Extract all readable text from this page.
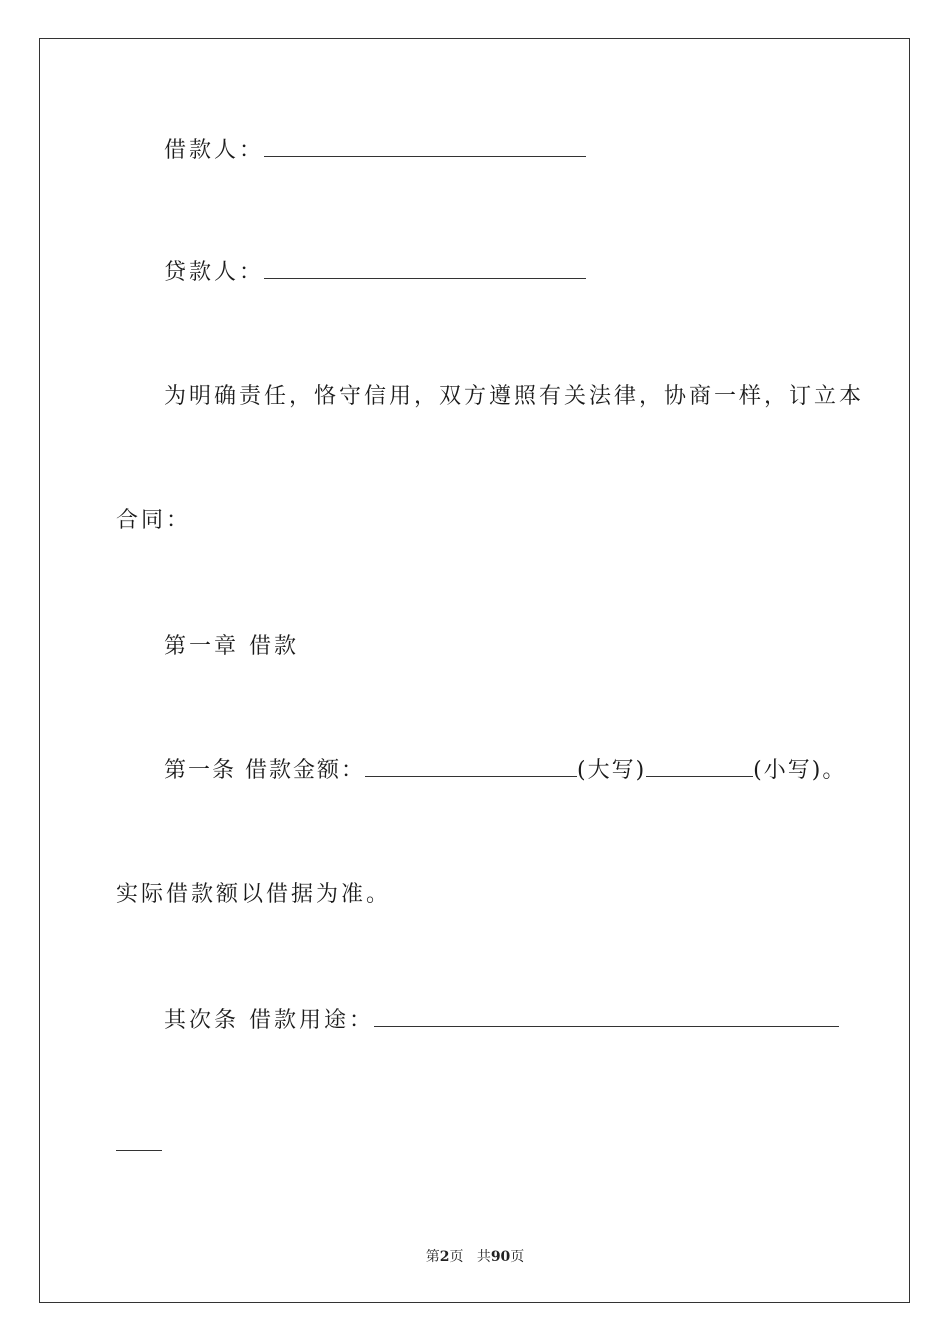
借款人：
贷款人：
为明确责任，恪守信用，双方遵照有关法律，协商一样，订立本
合同：
第一章 借款
第一条 借款金额：	(大写)	(小写)。
实际借款额以借据为准。
其次条 借款用途：
第2页 共90页
